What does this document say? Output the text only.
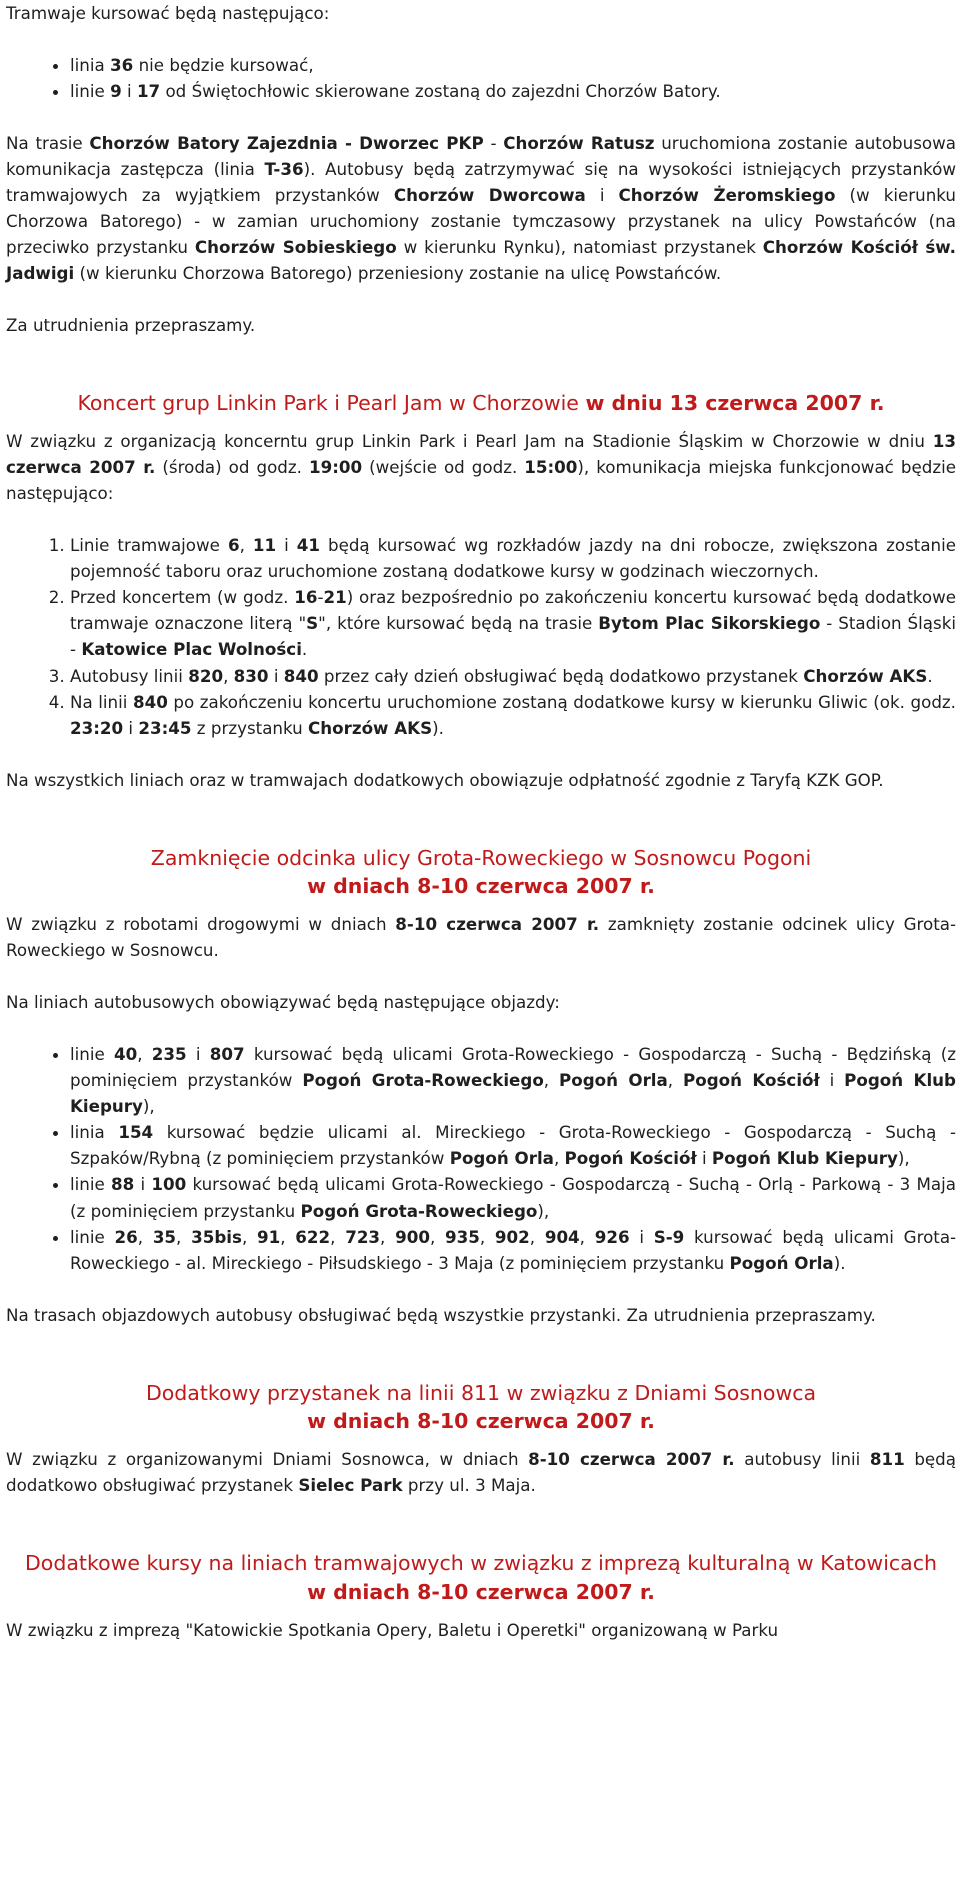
Tramwaje kursować będą następująco:

• linia 36 nie będzie kursować,
• linie 9 i 17 od Świętochłowic skierowane zostaną do zajezdni Chorzów Batory.

Na trasie Chorzów Batory Zajezdnia - Dworzec PKP - Chorzów Ratusz uruchomiona zostanie autobusowa komunikacja zastępcza (linia T-36). Autobusy będą zatrzymywać się na wysokości istniejących przystanków tramwajowych za wyjątkiem przystanków Chorzów Dworcowa i Chorzów Żeromskiego (w kierunku Chorzowa Batorego) - w zamian uruchomiony zostanie tymczasowy przystanek na ulicy Powstańców (na przeciwko przystanku Chorzów Sobieskiego w kierunku Rynku), natomiast przystanek Chorzów Kościół św. Jadwigi (w kierunku Chorzowa Batorego) przeniesiony zostanie na ulicę Powstańców.

Za utrudnienia przepraszamy.

Koncert grup Linkin Park i Pearl Jam w Chorzowie w dniu 13 czerwca 2007 r.

W związku z organizacją koncerntu grup Linkin Park i Pearl Jam na Stadionie Śląskim w Chorzowie w dniu 13 czerwca 2007 r. (środa) od godz. 19:00 (wejście od godz. 15:00), komunikacja miejska funkcjonować będzie następująco:

1. Linie tramwajowe 6, 11 i 41 będą kursować wg rozkładów jazdy na dni robocze, zwiększona zostanie pojemność taboru oraz uruchomione zostaną dodatkowe kursy w godzinach wieczornych.
2. Przed koncertem (w godz. 16-21) oraz bezpośrednio po zakończeniu koncertu kursować będą dodatkowe tramwaje oznaczone literą "S", które kursować będą na trasie Bytom Plac Sikorskiego - Stadion Śląski - Katowice Plac Wolności.
3. Autobusy linii 820, 830 i 840 przez cały dzień obsługiwać będą dodatkowo przystanek Chorzów AKS.
4. Na linii 840 po zakończeniu koncertu uruchomione zostaną dodatkowe kursy w kierunku Gliwic (ok. godz. 23:20 i 23:45 z przystanku Chorzów AKS).

Na wszystkich liniach oraz w tramwajach dodatkowych obowiązuje odpłatność zgodnie z Taryfą KZK GOP.

Zamknięcie odcinka ulicy Grota-Roweckiego w Sosnowcu Pogoni
w dniach 8-10 czerwca 2007 r.

W związku z robotami drogowymi w dniach 8-10 czerwca 2007 r. zamknięty zostanie odcinek ulicy Grota-Roweckiego w Sosnowcu.

Na liniach autobusowych obowiązywać będą następujące objazdy:

• linie 40, 235 i 807 kursować będą ulicami Grota-Roweckiego - Gospodarczą - Suchą - Będzińską (z pominięciem przystanków Pogoń Grota-Roweckiego, Pogoń Orla, Pogoń Kościół i Pogoń Klub Kiepury),
• linia 154 kursować będzie ulicami al. Mireckiego - Grota-Roweckiego - Gospodarczą - Suchą - Szpaków/Rybną (z pominięciem przystanków Pogoń Orla, Pogoń Kościół i Pogoń Klub Kiepury),
• linie 88 i 100 kursować będą ulicami Grota-Roweckiego - Gospodarczą - Suchą - Orlą - Parkową - 3 Maja (z pominięciem przystanku Pogoń Grota-Roweckiego),
• linie 26, 35, 35bis, 91, 622, 723, 900, 935, 902, 904, 926 i S-9 kursować będą ulicami Grota-Roweckiego - al. Mireckiego - Piłsudskiego - 3 Maja (z pominięciem przystanku Pogoń Orla).

Na trasach objazdowych autobusy obsługiwać będą wszystkie przystanki. Za utrudnienia przepraszamy.

Dodatkowy przystanek na linii 811 w związku z Dniami Sosnowca
w dniach 8-10 czerwca 2007 r.

W związku z organizowanymi Dniami Sosnowca, w dniach 8-10 czerwca 2007 r. autobusy linii 811 będą dodatkowo obsługiwać przystanek Sielec Park przy ul. 3 Maja.

Dodatkowe kursy na liniach tramwajowych w związku z imprezą kulturalną w Katowicach
w dniach 8-10 czerwca 2007 r.

W związku z imprezą "Katowickie Spotkania Opery, Baletu i Operetki" organizowaną w Parku
